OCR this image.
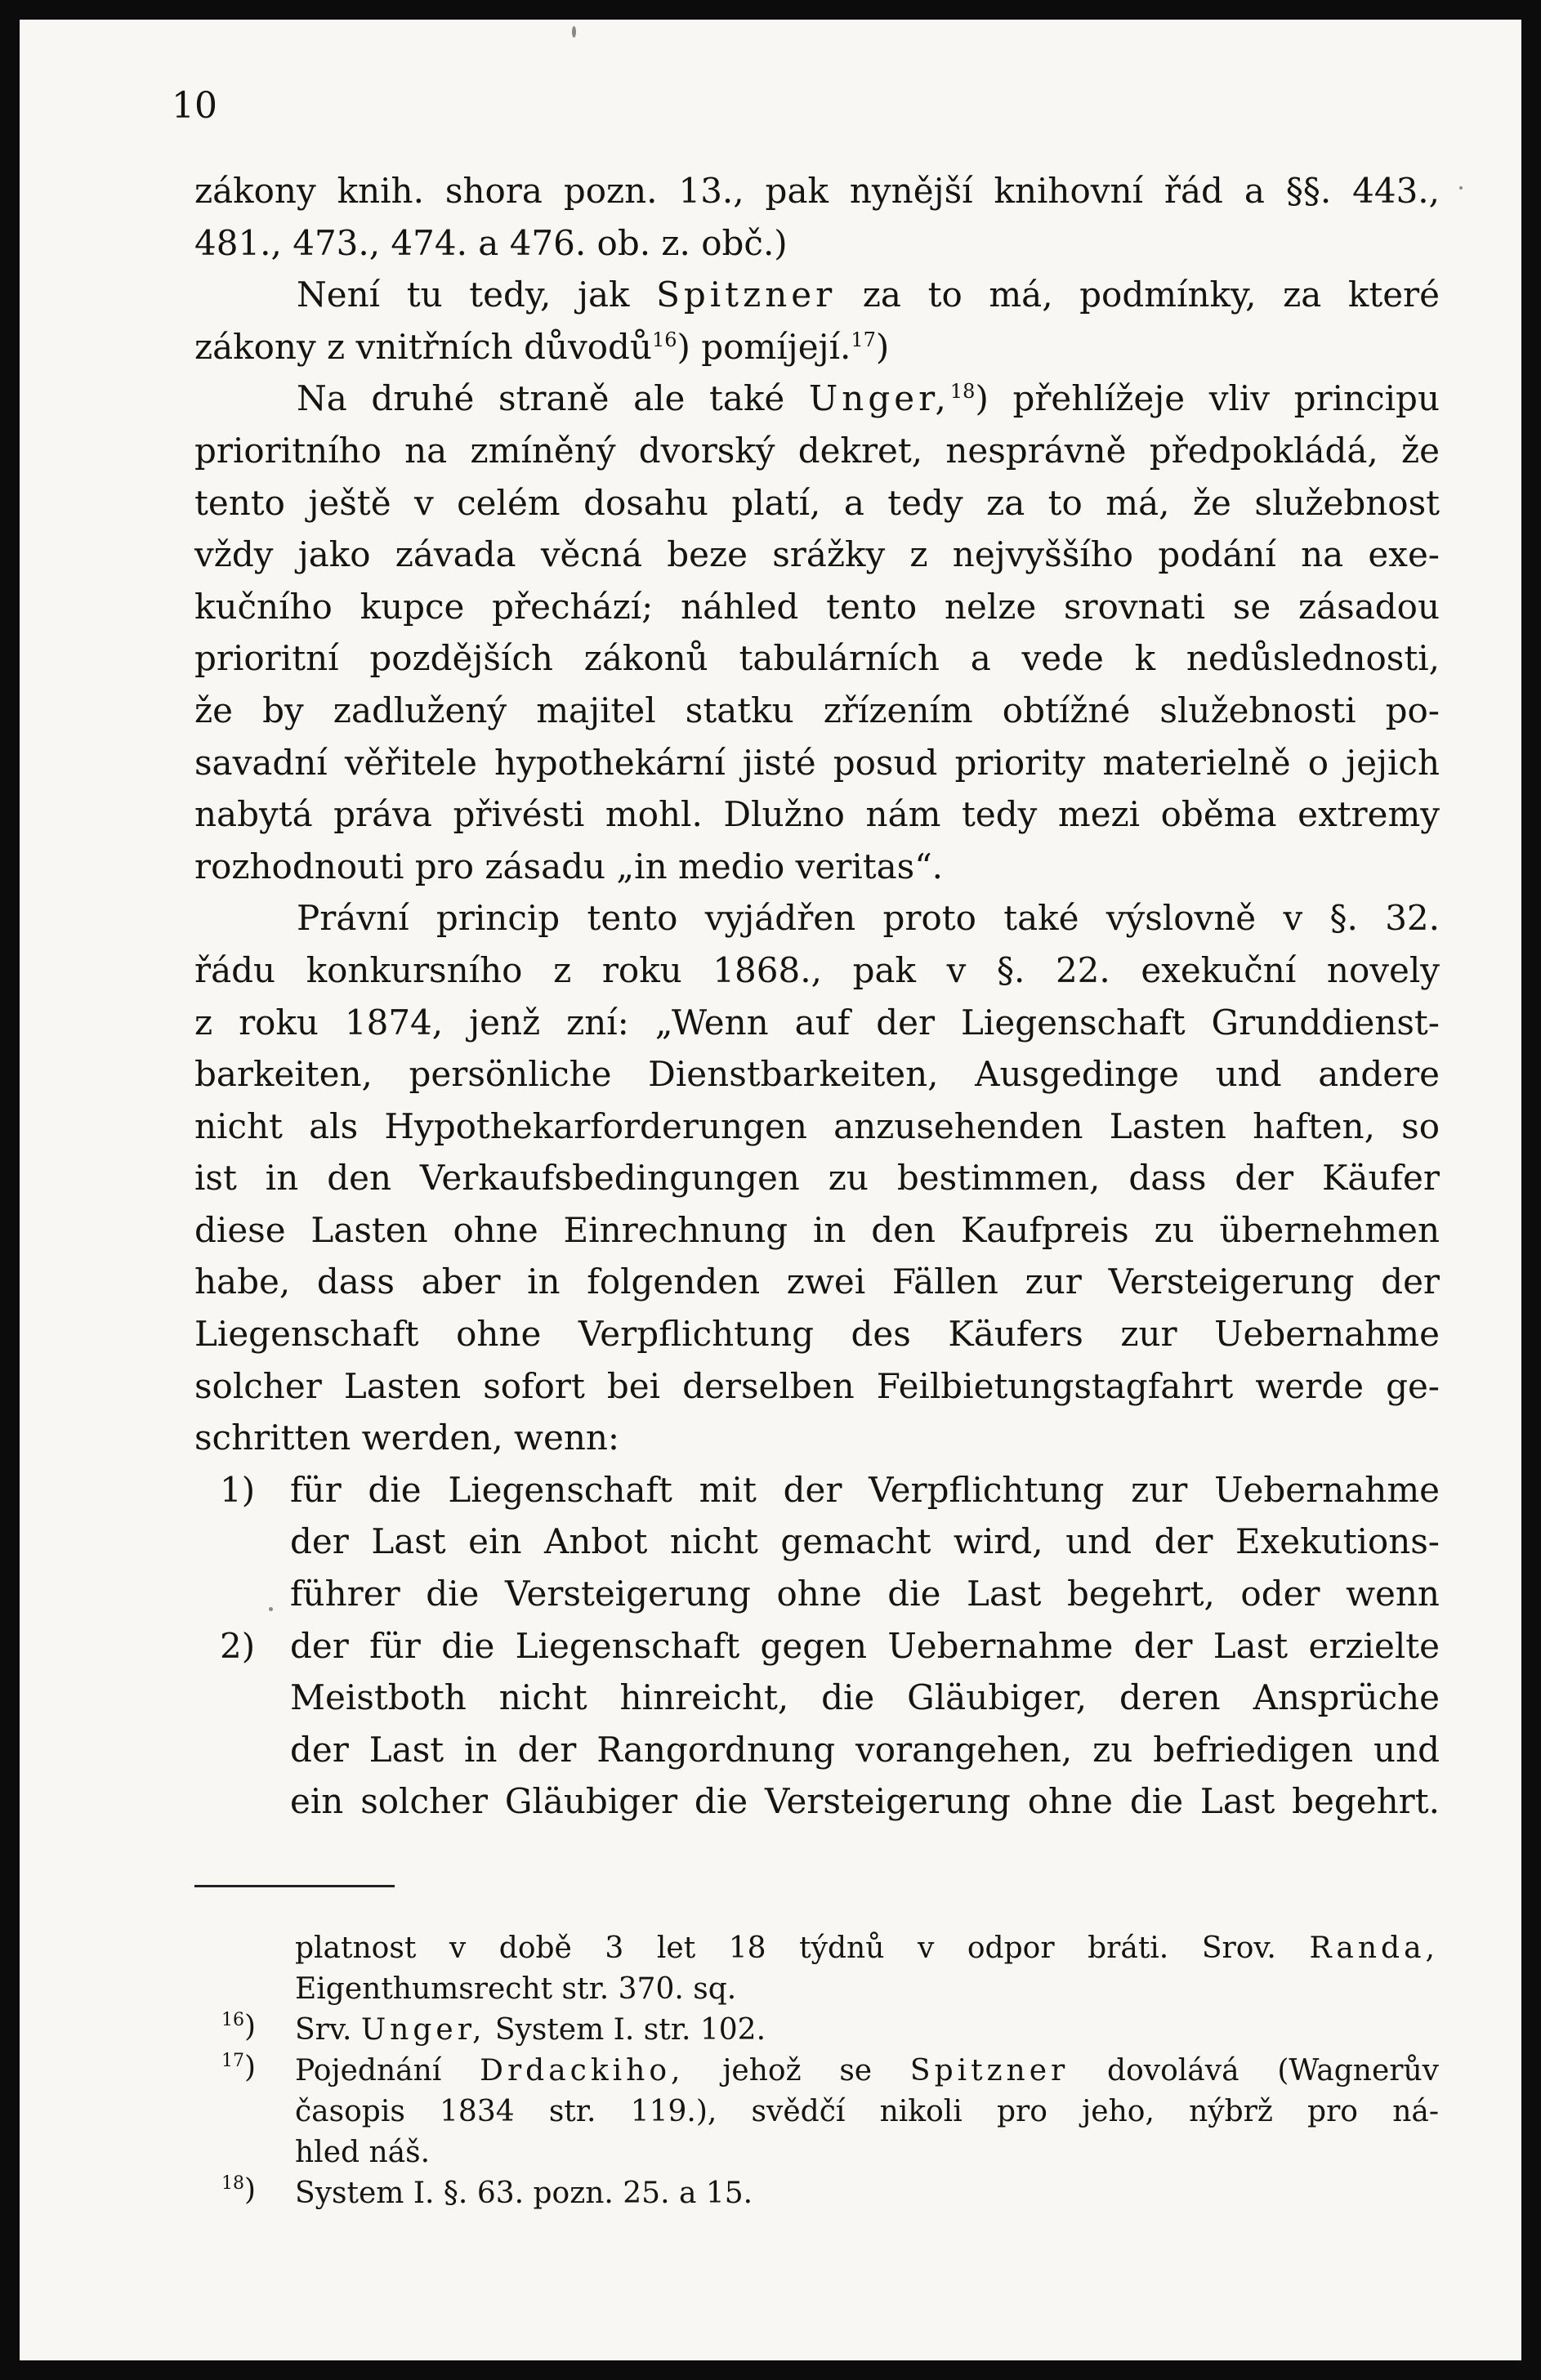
10

zákony knih. shora pozn. 13., pak nynější knihovní řád a §§. 443.,

481., 473., 474. a 476. ob. z. obč.)

Není tu tedy, jak Spitzner za to má, podmínky, za které

zákony z vnitřních důvodů$^{16}$) pomíjejí.$^{17}$)

Na druhé straně ale také Unger,$^{18}$) přehlížeje vliv principu

prioritního na zmíněný dvorský dekret, nesprávně předpokládá, že

tento ještě v celém dosahu platí, a tedy za to má, že služebnost

vždy jako závada věcná beze srážky z nejvyššího podání na exe-

kučního kupce přechází; náhled tento nelze srovnati se zásadou

prioritní pozdějších zákonů tabulárních a vede k nedůslednosti,

že by zadlužený majitel statku zřízením obtížné služebnosti po-

savadní věřitele hypothekární jisté posud priority materielně o jejich

nabytá práva přivésti mohl. Dlužno nám tedy mezi oběma extremy

rozhodnouti pro zásadu „in medio veritas“.

Právní princip tento vyjádřen proto také výslovně v §. 32.

řádu konkursního z roku 1868., pak v §. 22. exekuční novely

z roku 1874, jenž zní: „Wenn auf der Liegenschaft Grunddienst-

barkeiten, persönliche Dienstbarkeiten, Ausgedinge und andere

nicht als Hypothekarforderungen anzusehenden Lasten haften, so

ist in den Verkaufsbedingungen zu bestimmen, dass der Käufer

diese Lasten ohne Einrechnung in den Kaufpreis zu übernehmen

habe, dass aber in folgenden zwei Fällen zur Versteigerung der

Liegenschaft ohne Verpflichtung des Käufers zur Uebernahme

solcher Lasten sofort bei derselben Feilbietungstagfahrt werde ge-

schritten werden, wenn:

1) für die Liegenschaft mit der Verpflichtung zur Uebernahme

der Last ein Anbot nicht gemacht wird, und der Exekutions-

führer die Versteigerung ohne die Last begehrt, oder wenn

2) der für die Liegenschaft gegen Uebernahme der Last erzielte

Meistboth nicht hinreicht, die Gläubiger, deren Ansprüche

der Last in der Rangordnung vorangehen, zu befriedigen und

ein solcher Gläubiger die Versteigerung ohne die Last begehrt.

platnost v době 3 let 18 týdnů v odpor bráti. Srov. Randa,

Eigenthumsrecht str. 370. sq.

$^{16}$) Srv. Unger, System I. str. 102.

$^{17}$) Pojednání Drdackiho, jehož se Spitzner dovolává (Wagnerův

časopis 1834 str. 119.), svědčí nikoli pro jeho, nýbrž pro ná-

hled náš.

$^{18}$) System I. §. 63. pozn. 25. a 15.
